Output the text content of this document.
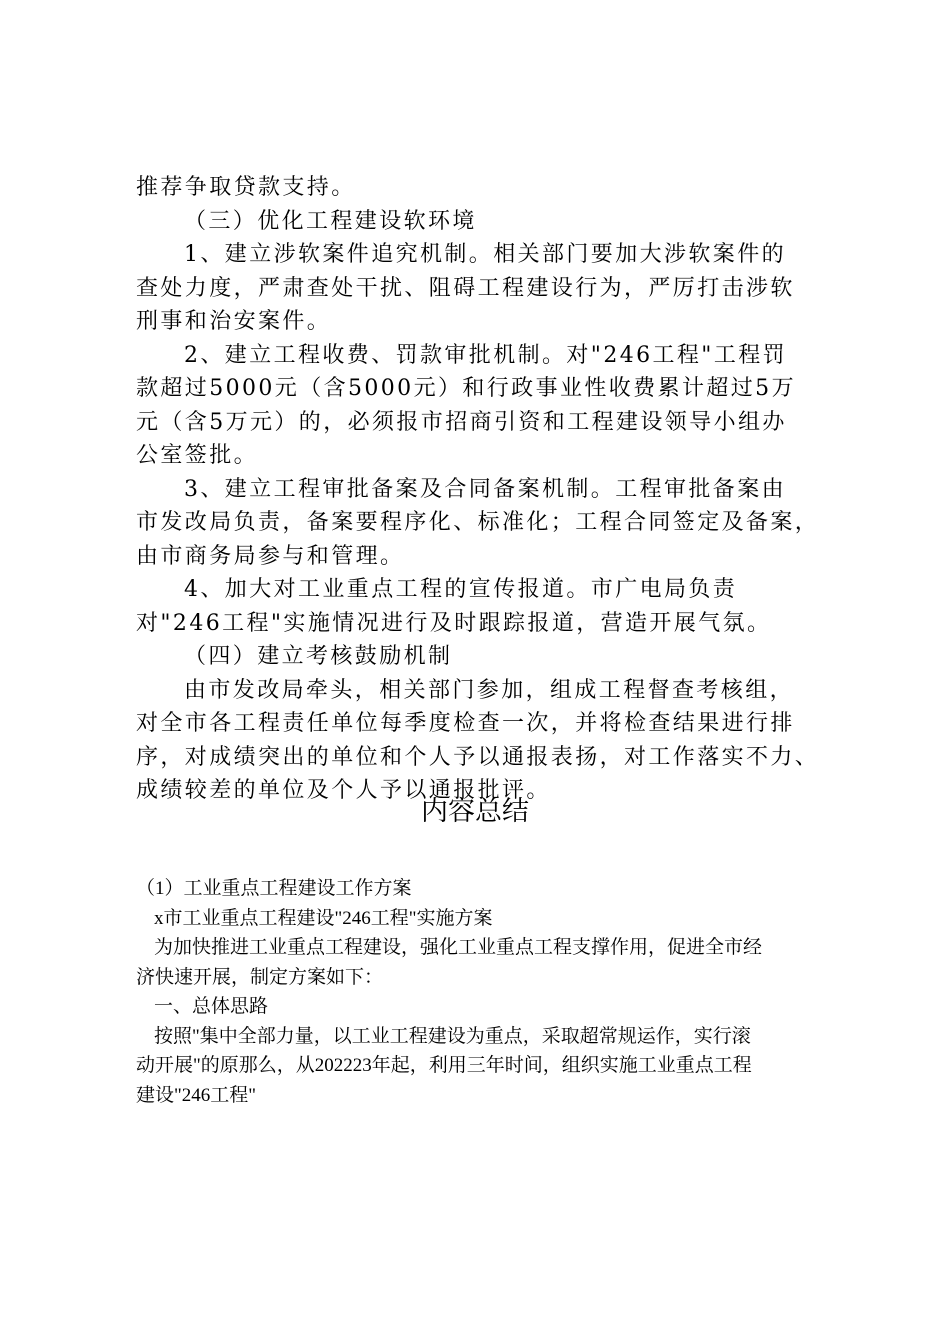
推荐争取贷款支持。
（三）优化工程建设软环境
1、建立涉软案件追究机制。相关部门要加大涉软案件的
查处力度，严肃查处干扰、阻碍工程建设行为，严厉打击涉软
刑事和治安案件。
2、建立工程收费、罚款审批机制。对"246工程"工程罚
款超过5000元（含5000元）和行政事业性收费累计超过5万
元（含5万元）的，必须报市招商引资和工程建设领导小组办
公室签批。
3、建立工程审批备案及合同备案机制。工程审批备案由
市发改局负责，备案要程序化、标准化；工程合同签定及备案，
由市商务局参与和管理。
4、加大对工业重点工程的宣传报道。市广电局负责
对"246工程"实施情况进行及时跟踪报道，营造开展气氛。
（四）建立考核鼓励机制
由市发改局牵头，相关部门参加，组成工程督查考核组，
对全市各工程责任单位每季度检查一次，并将检查结果进行排
序，对成绩突出的单位和个人予以通报表扬，对工作落实不力、
成绩较差的单位及个人予以通报批评。
内容总结
（1）工业重点工程建设工作方案
x市工业重点工程建设"246工程"实施方案
为加快推进工业重点工程建设，强化工业重点工程支撑作用，促进全市经
济快速开展，制定方案如下：
一、总体思路
按照"集中全部力量，以工业工程建设为重点，采取超常规运作，实行滚
动开展"的原那么，从202223年起，利用三年时间，组织实施工业重点工程
建设"246工程"
